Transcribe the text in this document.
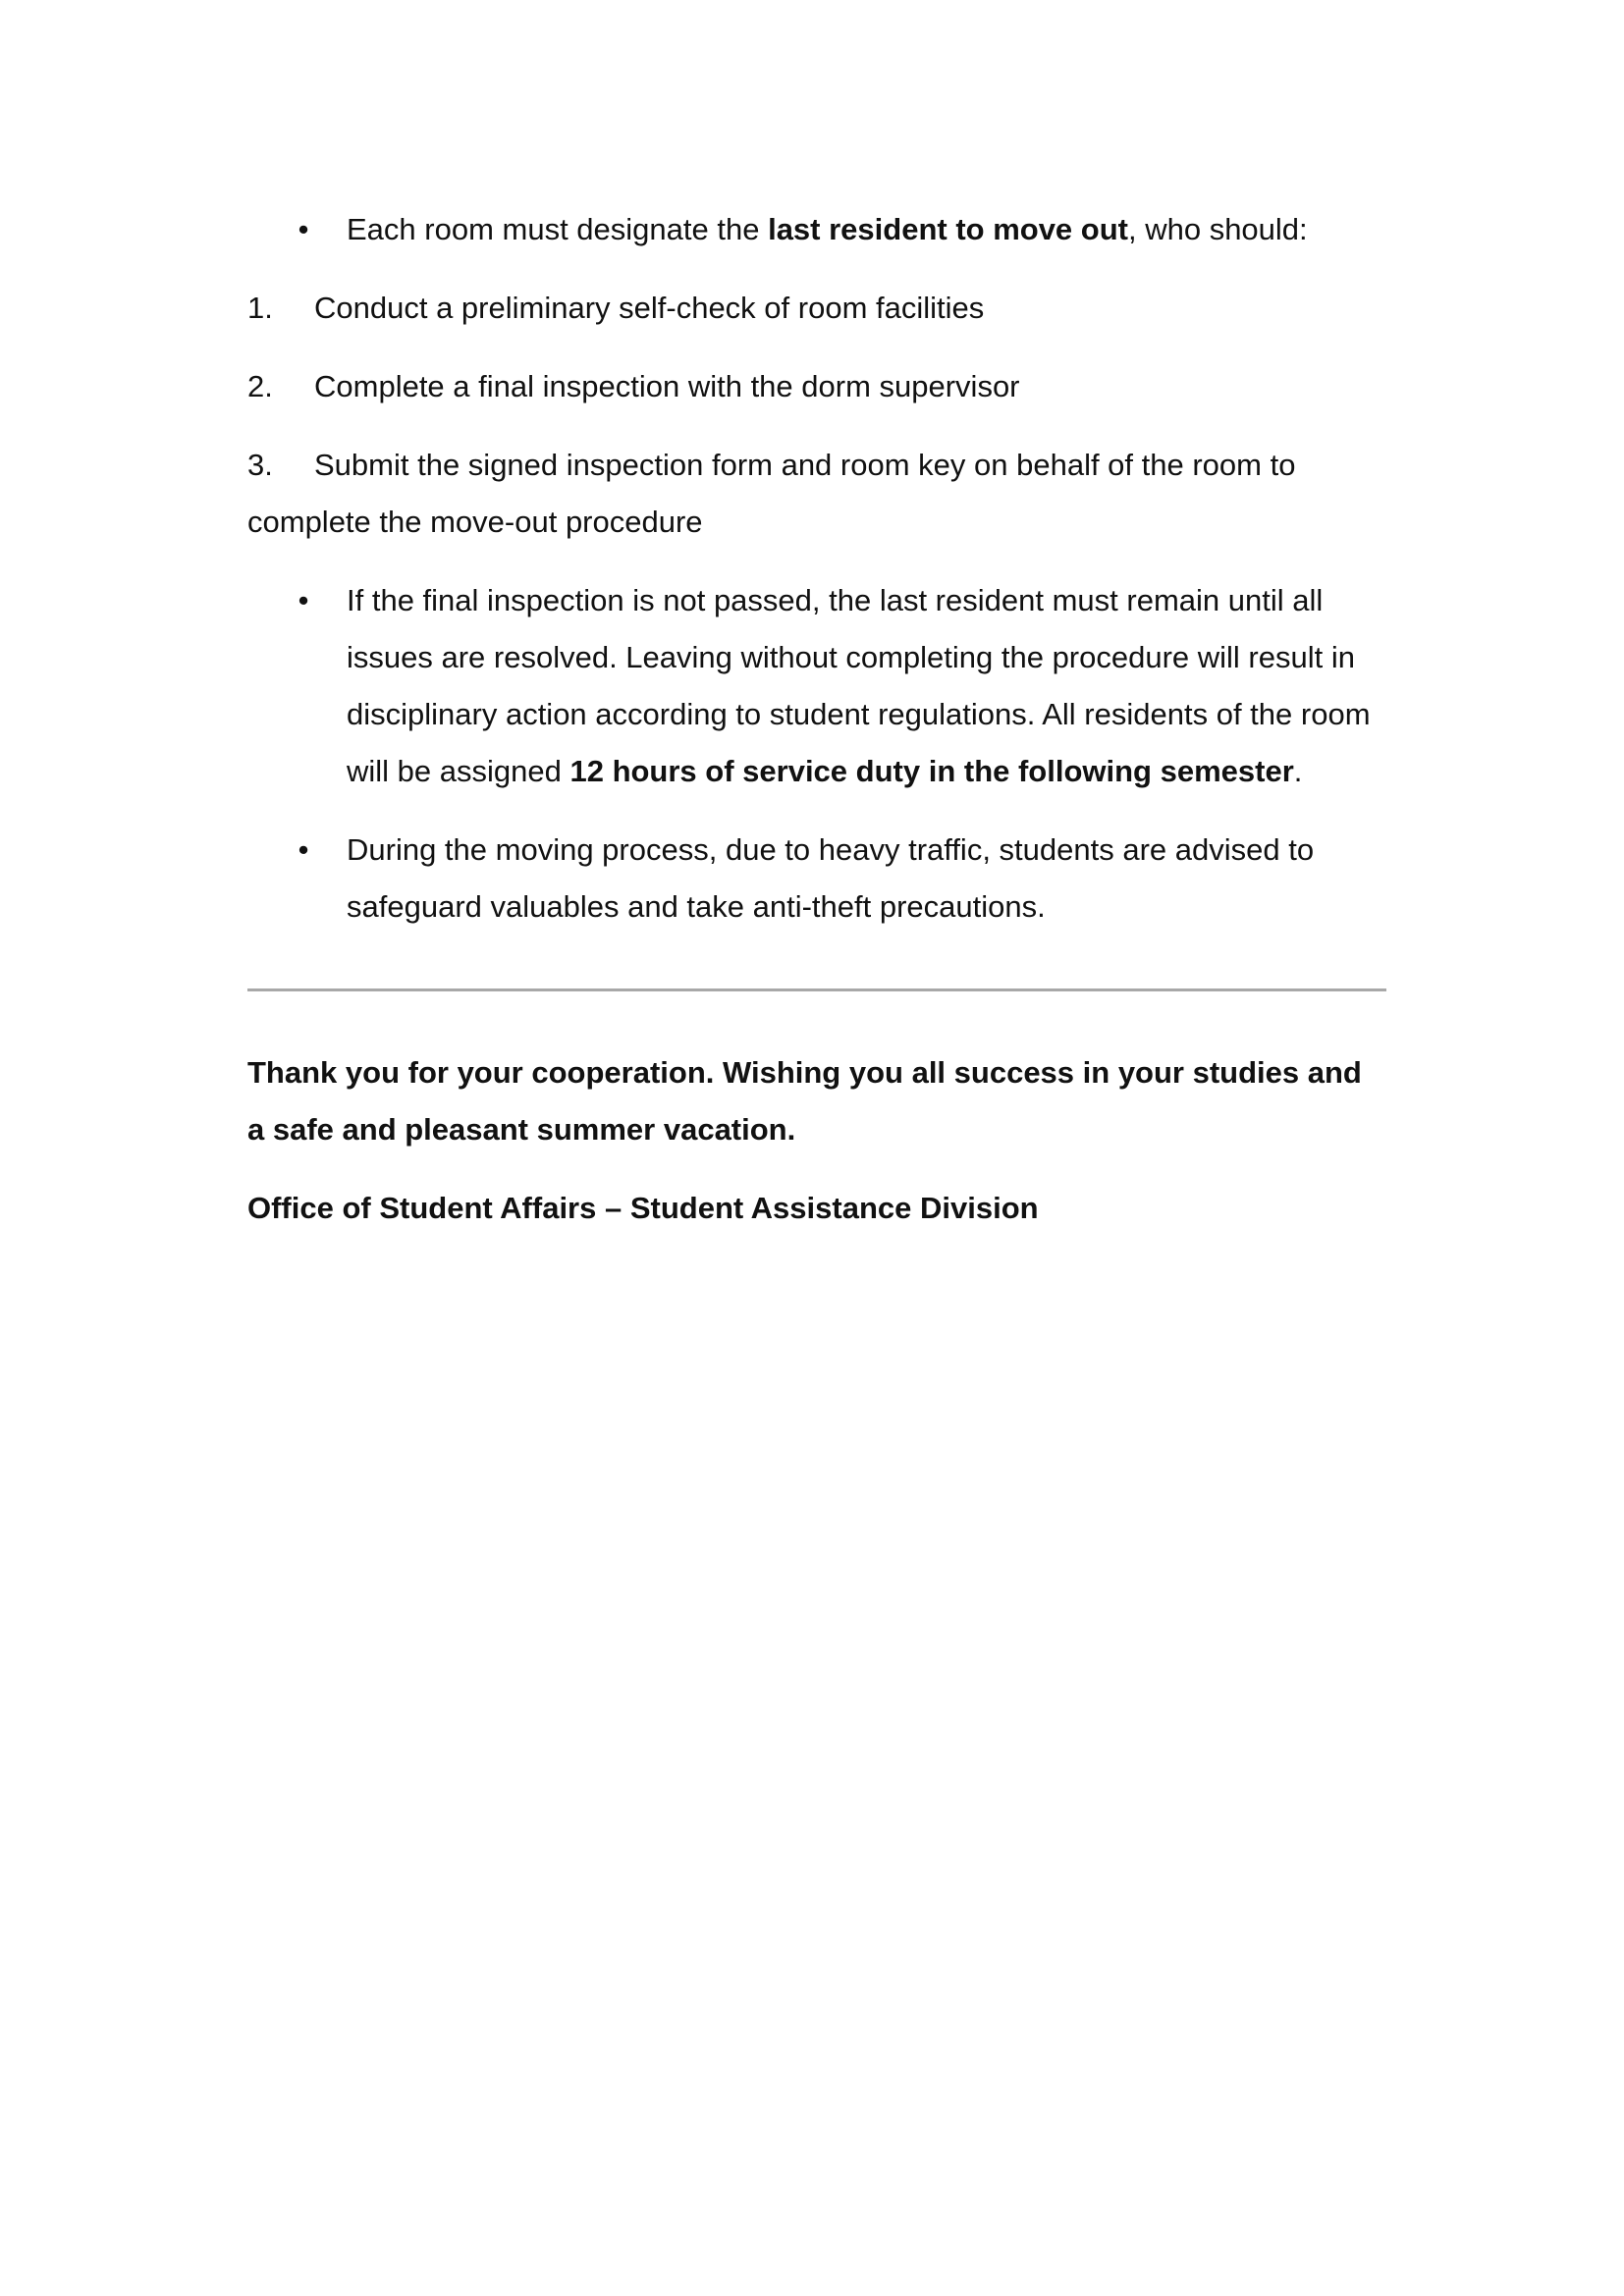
• Each room must designate the last resident to move out, who should:

1. Conduct a preliminary self-check of room facilities

2. Complete a final inspection with the dorm supervisor

3. Submit the signed inspection form and room key on behalf of the room to complete the move-out procedure

• If the final inspection is not passed, the last resident must remain until all issues are resolved. Leaving without completing the procedure will result in disciplinary action according to student regulations. All residents of the room will be assigned 12 hours of service duty in the following semester.

• During the moving process, due to heavy traffic, students are advised to safeguard valuables and take anti-theft precautions.

Thank you for your cooperation. Wishing you all success in your studies and a safe and pleasant summer vacation.

Office of Student Affairs – Student Assistance Division
